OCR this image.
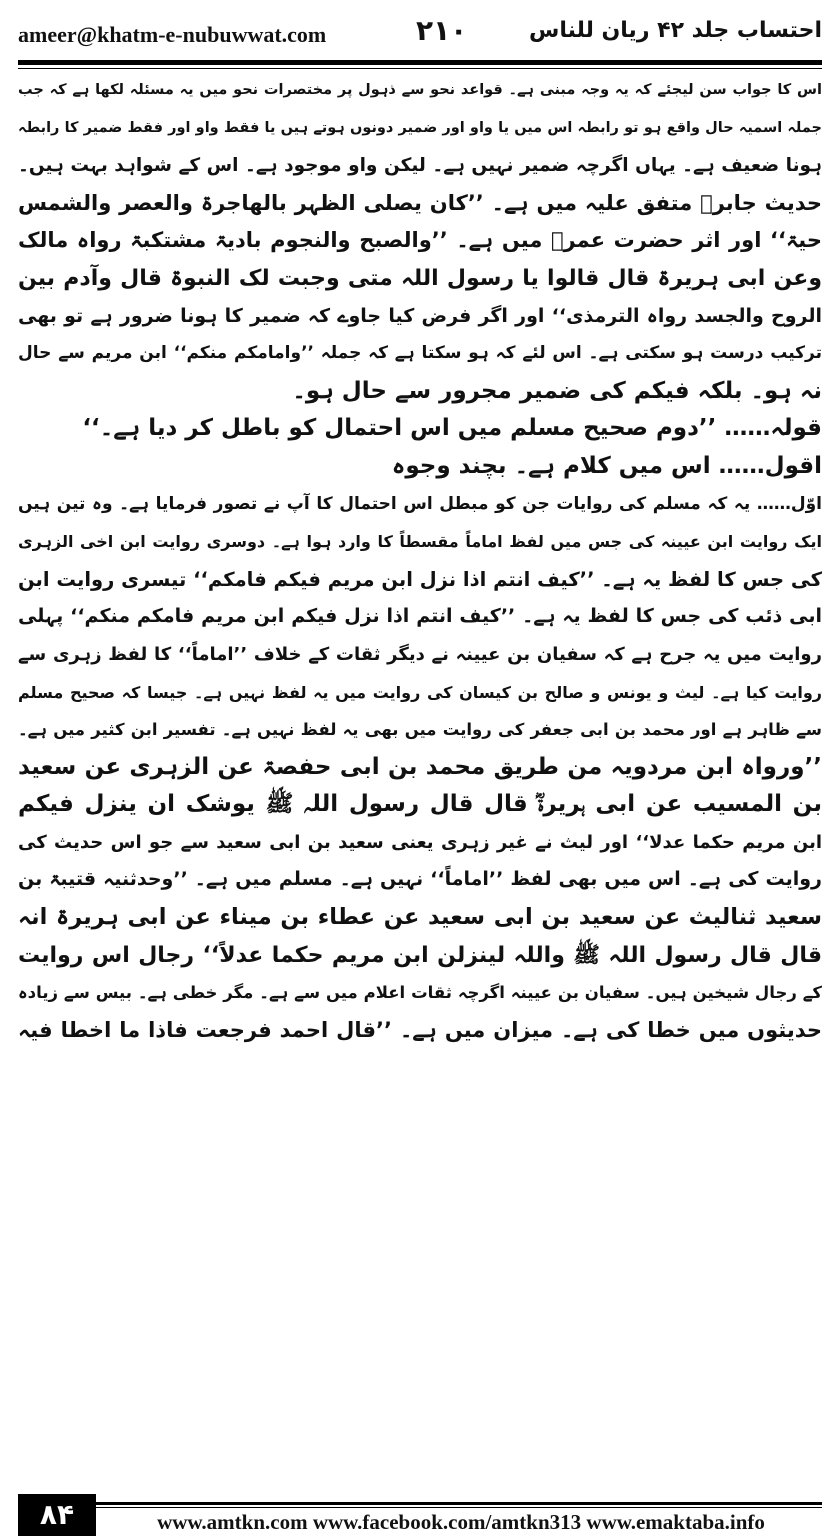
ameer@khatm-e-nubuwwat.com	۲۱۰	احتساب جلد ۴۲ ریان للناس
اس کا جواب سن لیجئے کہ یہ وجہ مبنی ہے۔ قواعد نحو سے ذہول پر مختصرات نحو میں یہ مسئلہ لکھا ہے کہ جب
جملہ اسمیہ حال واقع ہو تو رابطہ اس میں یا واو اور ضمیر دونوں ہوتے ہیں یا فقط واو اور فقط ضمیر کا رابطہ
ہونا ضعیف ہے۔ یہاں اگرچہ ضمیر نہیں ہے۔ لیکن واو موجود ہے۔ اس کے شواہد بہت ہیں۔
حدیث جابرؓ متفق علیہ میں ہے۔ ’’کان یصلی الظہر بالھاجرۃ والعصر والشمس
حیۃ‘‘ اور اثر حضرت عمرؓ میں ہے۔ ’’والصبح والنجوم بادیۃ مشتکبۃ رواہ مالک
وعن ابی ہریرۃ قال قالوا یا رسول اللہ متی وجبت لک النبوۃ قال وآدم بین
الروح والجسد رواہ الترمذی‘‘ اور اگر فرض کیا جاوے کہ ضمیر کا ہونا ضرور ہے تو بھی
ترکیب درست ہو سکتی ہے۔ اس لئے کہ ہو سکتا ہے کہ جملہ ’’وامامکم منکم‘‘ ابن مریم سے حال
نہ ہو۔ بلکہ فیکم کی ضمیر مجرور سے حال ہو۔
قولہ…… ’’دوم صحیح مسلم میں اس احتمال کو باطل کر دیا ہے۔‘‘
اقول…… اس میں کلام ہے۔ بچند وجوہ
اوّل…… یہ کہ مسلم کی روایات جن کو مبطل اس احتمال کا آپ نے تصور فرمایا ہے۔ وہ تین ہیں
ایک روایت ابن عیینہ کی جس میں لفظ اماماً مقسطاً کا وارد ہوا ہے۔ دوسری روایت ابن اخی الزہری
کی جس کا لفظ یہ ہے۔ ’’کیف انتم اذا نزل ابن مریم فیکم فامکم‘‘ تیسری روایت ابن
ابی ذئب کی جس کا لفظ یہ ہے۔ ’’کیف انتم اذا نزل فیکم ابن مریم فامکم منکم‘‘ پہلی
روایت میں یہ جرح ہے کہ سفیان بن عیینہ نے دیگر ثقات کے خلاف ’’اماماً‘‘ کا لفظ زہری سے
روایت کیا ہے۔ لیث و یونس و صالح بن کیسان کی روایت میں یہ لفظ نہیں ہے۔ جیسا کہ صحیح مسلم
سے ظاہر ہے اور محمد بن ابی جعفر کی روایت میں بھی یہ لفظ نہیں ہے۔ تفسیر ابن کثیر میں ہے۔
’’ورواہ ابن مردویہ من طریق محمد بن ابی حفصۃ عن الزہری عن سعید
بن المسیب عن ابی ہریرۃؓ قال قال رسول اللہ ﷺ یوشک ان ینزل فیکم
ابن مریم حکما عدلا‘‘ اور لیث نے غیر زہری یعنی سعید بن ابی سعید سے جو اس حدیث کی
روایت کی ہے۔ اس میں بھی لفظ ’’اماماً‘‘ نہیں ہے۔ مسلم میں ہے۔ ’’وحدثنیہ قتیبۃ بن
سعید ثنالیث عن سعید بن ابی سعید عن عطاء بن میناء عن ابی ہریرۃ انہ
قال قال رسول اللہ ﷺ واللہ لینزلن ابن مریم حکما عدلاً‘‘ رجال اس روایت
کے رجال شیخین ہیں۔ سفیان بن عیینہ اگرچہ ثقات اعلام میں سے ہے۔ مگر خطی ہے۔ بیس سے زیادہ
حدیثوں میں خطا کی ہے۔ میزان میں ہے۔ ’’قال احمد فرجعت فاذا ما اخطا فیہ
۸۴	www.amtkn.com www.facebook.com/amtkn313 www.emaktaba.info
